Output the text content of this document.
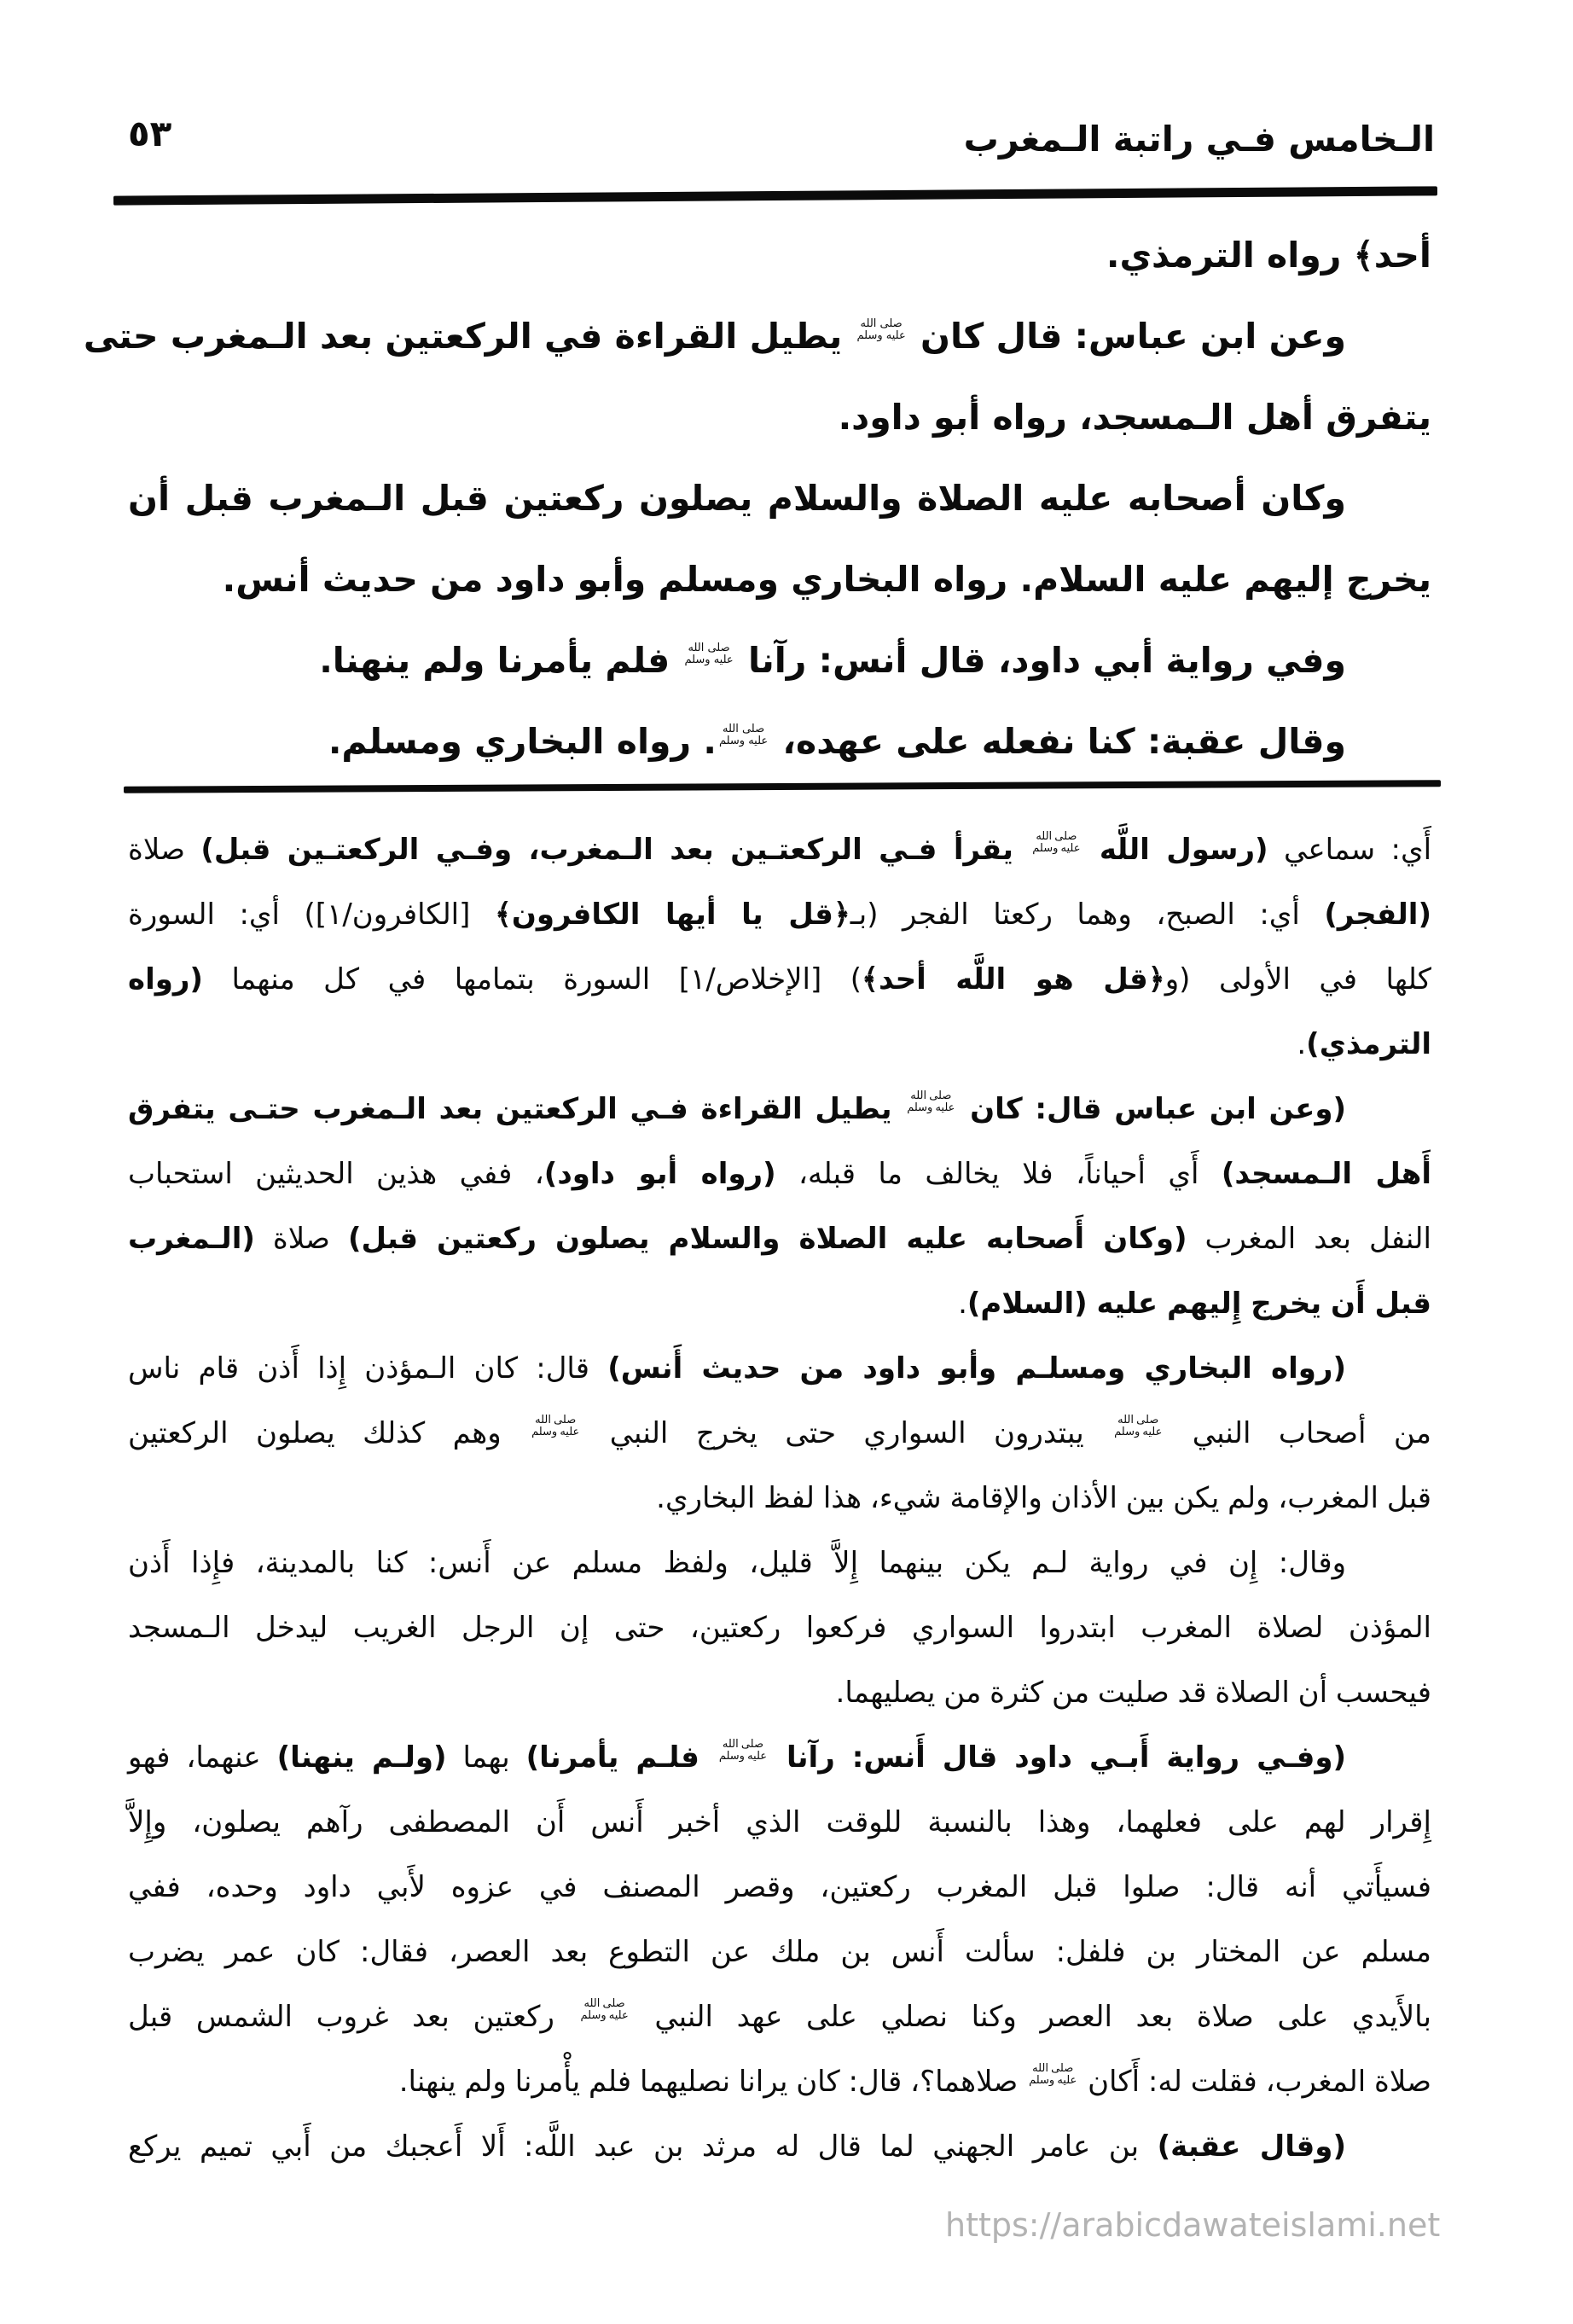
الـخامس فـي راتبة الـمغرب
٥٣
أحد﴾ رواه الترمذي.
وعن ابن عباس: قال كان
صلى الله
عليه وسلم
يطيل القراءة في الركعتين بعد الـمغرب حتى
يتفرق أهل الـمسجد، رواه أبو داود.
وكان أصحابه عليه الصلاة والسلام يصلون ركعتين قبل الـمغرب قبل أن
يخرج إليهم عليه السلام. رواه البخاري ومسلم وأبو داود من حديث أنس.
وفي رواية أبي داود، قال أنس: رآنا
صلى الله
عليه وسلم
فلم يأمرنا ولم ينهنا.
وقال عقبة: كنا نفعله على عهده،
صلى الله
عليه وسلم
. رواه البخاري ومسلم.
أَي: سماعي (رسول اللَّه
صلى الله
عليه وسلم
يقرأ فـي الركعتـين بعد الـمغرب، وفـي الركعتـين قبل) صلاة
(الفجر) أي: الصبح، وهما ركعتا الفجر (بـ﴿قل يا أيها الكافرون﴾ [الكافرون/١]) أي: السورة
كلها في الأولى (و﴿قل هو اللَّه أحد﴾) [الإخلاص/١] السورة بتمامها في كل منهما (رواه
الترمذي).
(وعن ابن عباس قال: كان
صلى الله
عليه وسلم
يطيل القراءة فـي الركعتين بعد الـمغرب حتـى يتفرق
أَهل الـمسجد) أَي أحياناً، فلا يخالف ما قبله، (رواه أبو داود)، ففي هذين الحديثين استحباب
النفل بعد المغرب (وكان أَصحابه عليه الصلاة والسلام يصلون ركعتين قبل) صلاة (الـمغرب
قبل أَن يخرج إِليهم عليه (السلام).
(رواه البخاري ومسلـم وأبو داود من حديث أَنس) قال: كان الـمؤذن إِذا أَذن قام ناس
من أصحاب النبي
صلى الله
عليه وسلم
يبتدرون السواري حتى يخرج النبي
صلى الله
عليه وسلم
وهم كذلك يصلون الركعتين
قبل المغرب، ولم يكن بين الأذان والإقامة شيء، هذا لفظ البخاري.
وقال: إِن في رواية لـم يكن بينهما إِلاَّ قليل، ولفظ مسلم عن أَنس: كنا بالمدينة، فإِذا أَذن
المؤذن لصلاة المغرب ابتدروا السواري فركعوا ركعتين، حتى إن الرجل الغريب ليدخل الـمسجد
فيحسب أن الصلاة قد صليت من كثرة من يصليهما.
(وفـي رواية أَبـي داود قال أَنس: رآنا
صلى الله
عليه وسلم
فلـم يأمرنا) بهما (ولـم ينهنا) عنهما، فهو
إِقرار لهم على فعلهما، وهذا بالنسبة للوقت الذي أخبر أَنس أَن المصطفى رآهم يصلون، وإِلاَّ
فسيأَتي أنه قال: صلوا قبل المغرب ركعتين، وقصر المصنف في عزوه لأَبي داود وحده، ففي
مسلم عن المختار بن فلفل: سألت أَنس بن ملك عن التطوع بعد العصر، فقال: كان عمر يضرب
بالأَيدي على صلاة بعد العصر وكنا نصلي على عهد النبي
صلى الله
عليه وسلم
ركعتين بعد غروب الشمس قبل
صلاة المغرب، فقلت له: أَكان
صلى الله
عليه وسلم
صلاهما؟، قال: كان يرانا نصليهما فلم يأْمرنا ولم ينهنا.
(وقال عقبة) بن عامر الجهني لما قال له مرثد بن عبد اللَّه: أَلا أَعجبك من أَبي تميم يركع
https://arabicdawateislami.net
